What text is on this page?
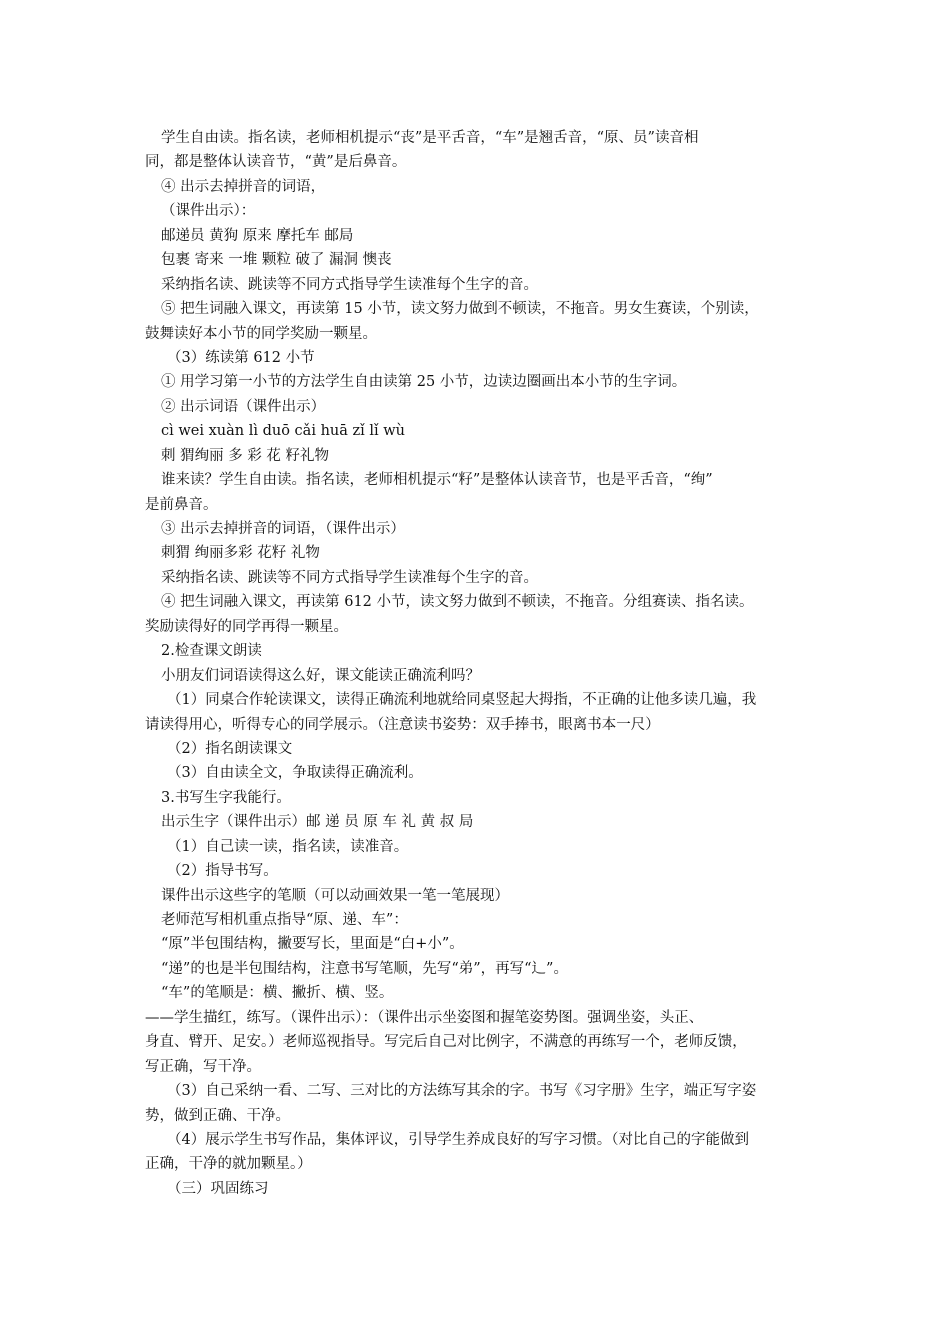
学生自由读。指名读，老师相机提示“丧”是平舌音，“车”是翘舌音，“原、员”读音相
同，都是整体认读音节，“黄”是后鼻音。
④ 出示去掉拼音的词语，
（课件出示）：
邮递员 黄狗 原来 摩托车 邮局
包裹 寄来 一堆 颗粒 破了 漏洞 懊丧
采纳指名读、跳读等不同方式指导学生读准每个生字的音。
⑤ 把生词融入课文，再读第 15 小节，读文努力做到不顿读，不拖音。男女生赛读，个别读，
鼓舞读好本小节的同学奖励一颗星。
（3）练读第 612 小节
① 用学习第一小节的方法学生自由读第 25 小节，边读边圈画出本小节的生字词。
② 出示词语（课件出示）
cì wei xuàn lì duō cǎi huā zǐ lǐ wù
刺 猬绚丽 多 彩 花 籽礼物
谁来读？学生自由读。指名读，老师相机提示“籽”是整体认读音节，也是平舌音，“绚”
是前鼻音。
③ 出示去掉拼音的词语，（课件出示）
刺猬 绚丽多彩 花籽 礼物
采纳指名读、跳读等不同方式指导学生读准每个生字的音。
④ 把生词融入课文，再读第 612 小节，读文努力做到不顿读，不拖音。分组赛读、指名读。
奖励读得好的同学再得一颗星。
2.检查课文朗读
小朋友们词语读得这么好，课文能读正确流利吗？
（1）同桌合作轮读课文，读得正确流利地就给同桌竖起大拇指，不正确的让他多读几遍，我
请读得用心，听得专心的同学展示。（注意读书姿势：双手捧书，眼离书本一尺）
（2）指名朗读课文
（3）自由读全文，争取读得正确流利。
3.书写生字我能行。
出示生字（课件出示）邮 递 员 原 车 礼 黄 叔 局
（1）自己读一读，指名读，读准音。
（2）指导书写。
课件出示这些字的笔顺（可以动画效果一笔一笔展现）
老师范写相机重点指导“原、递、车”：
“原”半包围结构，撇要写长，里面是“白+小”。
“递”的也是半包围结构，注意书写笔顺，先写“弟”，再写“辶”。
“车”的笔顺是：横、撇折、横、竖。
——学生描红，练写。（课件出示）：（课件出示坐姿图和握笔姿势图。强调坐姿，头正、
身直、臂开、足安。）老师巡视指导。写完后自己对比例字，不满意的再练写一个，老师反馈，
写正确，写干净。
（3）自己采纳一看、二写、三对比的方法练写其余的字。书写《习字册》生字，端正写字姿
势，做到正确、干净。
（4）展示学生书写作品，集体评议，引导学生养成良好的写字习惯。（对比自己的字能做到
正确，干净的就加颗星。）
（三）巩固练习
